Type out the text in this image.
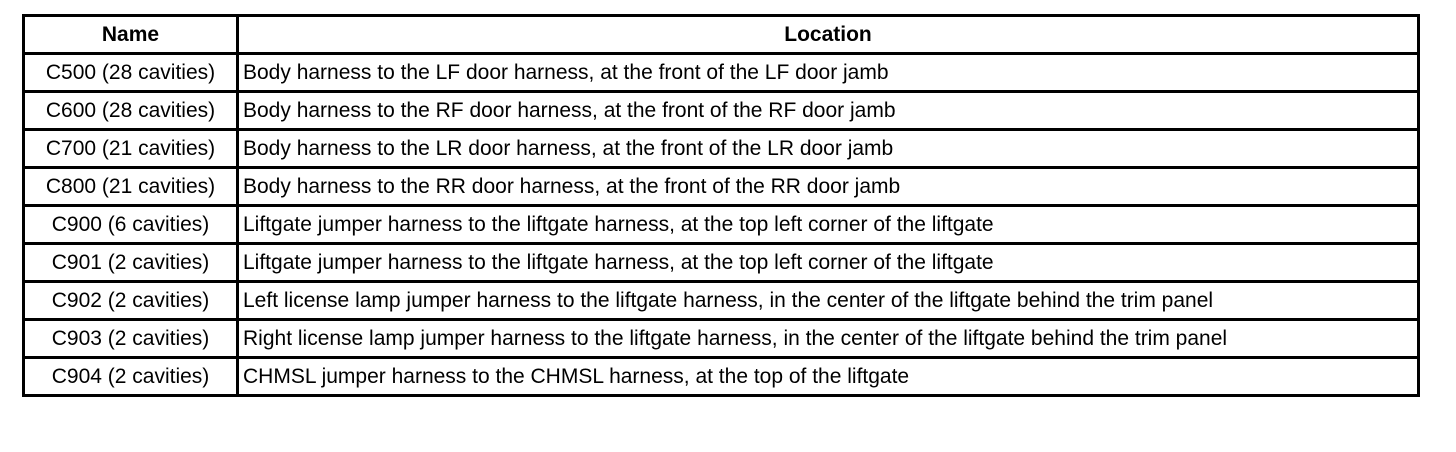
Name	Location
C500 (28 cavities)	Body harness to the LF door harness, at the front of the LF door jamb
C600 (28 cavities)	Body harness to the RF door harness, at the front of the RF door jamb
C700 (21 cavities)	Body harness to the LR door harness, at the front of the LR door jamb
C800 (21 cavities)	Body harness to the RR door harness, at the front of the RR door jamb
C900 (6 cavities)	Liftgate jumper harness to the liftgate harness, at the top left corner of the liftgate
C901 (2 cavities)	Liftgate jumper harness to the liftgate harness, at the top left corner of the liftgate
C902 (2 cavities)	Left license lamp jumper harness to the liftgate harness, in the center of the liftgate behind the trim panel
C903 (2 cavities)	Right license lamp jumper harness to the liftgate harness, in the center of the liftgate behind the trim panel
C904 (2 cavities)	CHMSL jumper harness to the CHMSL harness, at the top of the liftgate
